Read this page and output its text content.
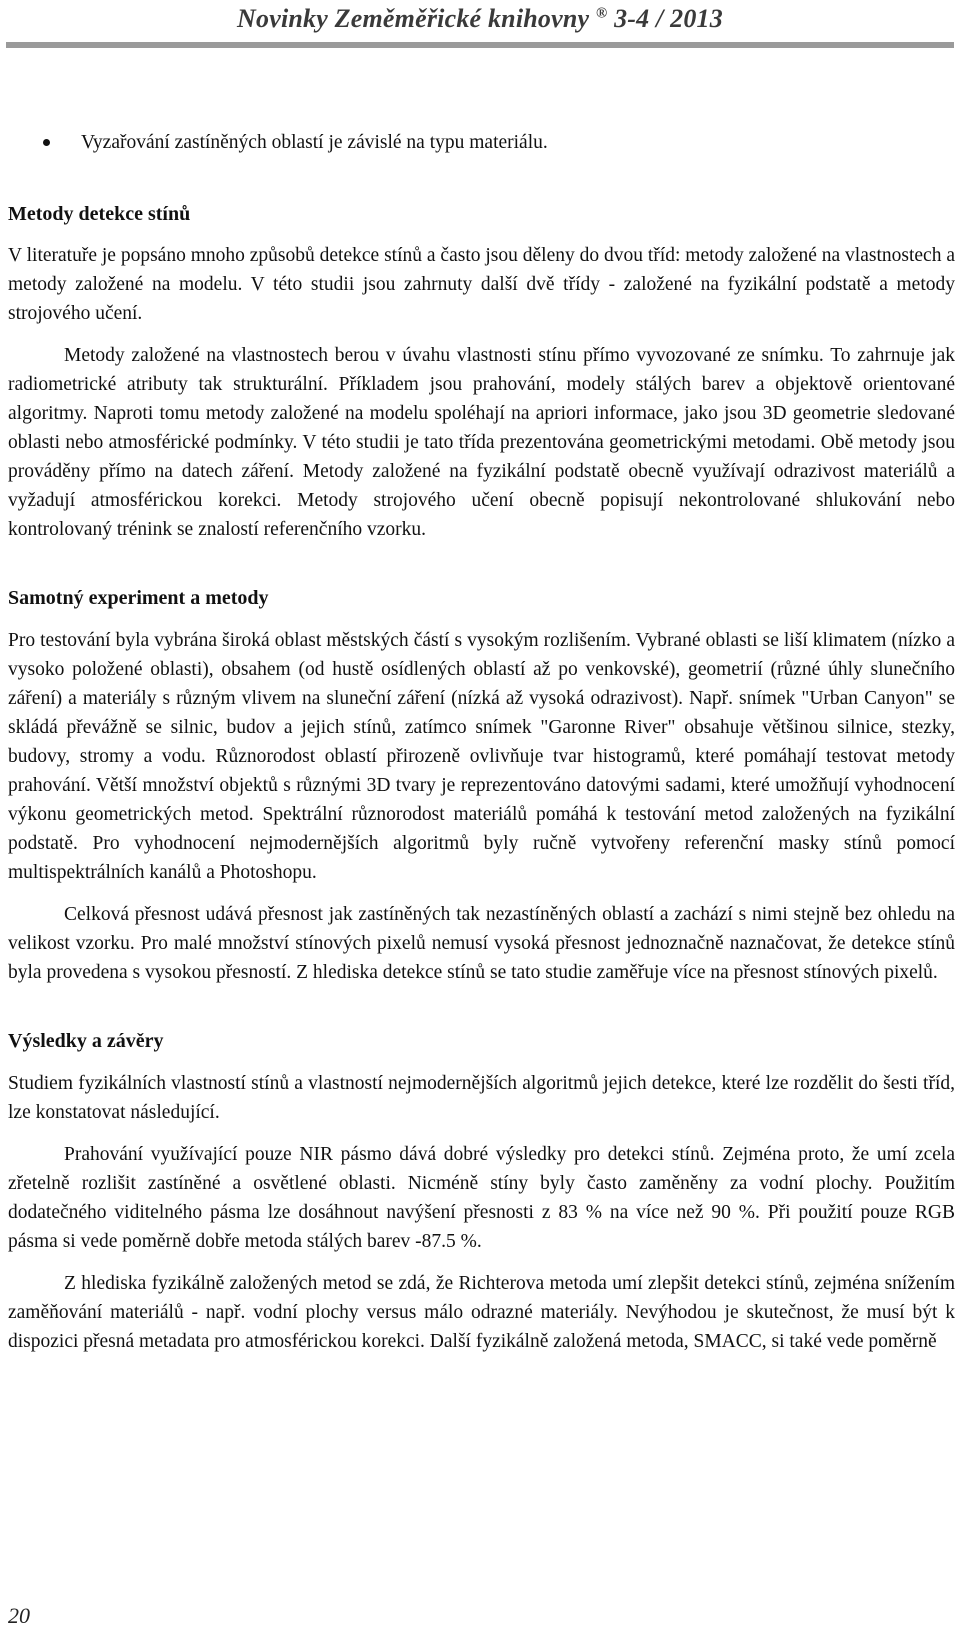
Novinky Zeměměřické knihovny ® 3-4 / 2013

Vyzařování zastíněných oblastí je závislé na typu materiálu.

Metody detekce stínů

V literatuře je popsáno mnoho způsobů detekce stínů a často jsou děleny do dvou tříd: metody založené na vlastnostech a metody založené na modelu. V této studii jsou zahrnuty další dvě třídy - založené na fyzikální podstatě a metody strojového učení.

Metody založené na vlastnostech berou v úvahu vlastnosti stínu přímo vyvozované ze snímku. To zahrnuje jak radiometrické atributy tak strukturální. Příkladem jsou prahování, modely stálých barev a objektově orientované algoritmy. Naproti tomu metody založené na modelu spoléhají na apriori informace, jako jsou 3D geometrie sledované oblasti nebo atmosférické podmínky. V této studii je tato třída prezentována geometrickými metodami. Obě metody jsou prováděny přímo na datech záření. Metody založené na fyzikální podstatě obecně využívají odrazivost materiálů a vyžadují atmosférickou korekci. Metody strojového učení obecně popisují nekontrolované shlukování nebo kontrolovaný trénink se znalostí referenčního vzorku.

Samotný experiment a metody

Pro testování byla vybrána široká oblast městských částí s vysokým rozlišením. Vybrané oblasti se liší klimatem (nízko a vysoko položené oblasti), obsahem (od hustě osídlených oblastí až po venkovské), geometrií (různé úhly slunečního záření) a materiály s různým vlivem na sluneční záření (nízká až vysoká odrazivost). Např. snímek "Urban Canyon" se skládá převážně se silnic, budov a jejich stínů, zatímco snímek "Garonne River" obsahuje většinou silnice, stezky, budovy, stromy a vodu. Různorodost oblastí přirozeně ovlivňuje tvar histogramů, které pomáhají testovat metody prahování. Větší množství objektů s různými 3D tvary je reprezentováno datovými sadami, které umožňují vyhodnocení výkonu geometrických metod. Spektrální různorodost materiálů pomáhá k testování metod založených na fyzikální podstatě. Pro vyhodnocení nejmodernějších algoritmů byly ručně vytvořeny referenční masky stínů pomocí multispektrálních kanálů a Photoshopu.

Celková přesnost udává přesnost jak zastíněných tak nezastíněných oblastí a zachází s nimi stejně bez ohledu na velikost vzorku. Pro malé množství stínových pixelů nemusí vysoká přesnost jednoznačně naznačovat, že detekce stínů byla provedena s vysokou přesností. Z hlediska detekce stínů se tato studie zaměřuje více na přesnost stínových pixelů.

Výsledky a závěry

Studiem fyzikálních vlastností stínů a vlastností nejmodernějších algoritmů jejich detekce, které lze rozdělit do šesti tříd, lze konstatovat následující.

Prahování využívající pouze NIR pásmo dává dobré výsledky pro detekci stínů. Zejména proto, že umí zcela zřetelně rozlišit zastíněné a osvětlené oblasti. Nicméně stíny byly často zaměněny za vodní plochy. Použitím dodatečného viditelného pásma lze dosáhnout navýšení přesnosti z 83 % na více než 90 %. Při použití pouze RGB pásma si vede poměrně dobře metoda stálých barev -87.5 %.

Z hlediska fyzikálně založených metod se zdá, že Richterova metoda umí zlepšit detekci stínů, zejména snížením zaměňování materiálů - např. vodní plochy versus málo odrazné materiály. Nevýhodou je skutečnost, že musí být k dispozici přesná metadata pro atmosférickou korekci. Další fyzikálně založená metoda, SMACC, si také vede poměrně

20
